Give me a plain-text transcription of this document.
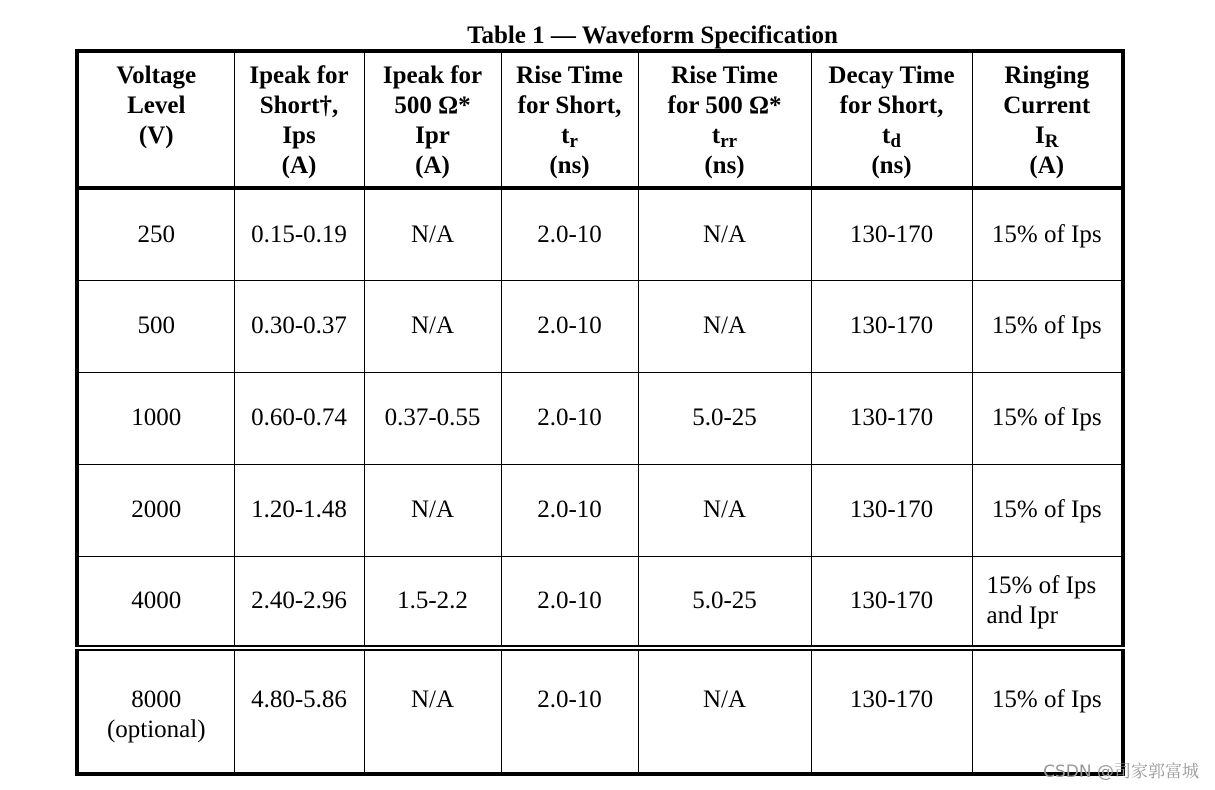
Table 1 — Waveform Specification
Voltage
Level
(V)	Ipeak for
Short†,
Ips
(A)	Ipeak for
500 Ω*
Ipr
(A)	Rise Time
for Short,
$t_r$
(ns)	Rise Time
for 500 Ω*
$t_{rr}$
(ns)	Decay Time
for Short,
$t_d$
(ns)	Ringing
Current
$I_R$
(A)

250	0.15-0.19	N/A	2.0-10	N/A	130-170	15% of Ips
500	0.30-0.37	N/A	2.0-10	N/A	130-170	15% of Ips
1000	0.60-0.74	0.37-0.55	2.0-10	5.0-25	130-170	15% of Ips
2000	1.20-1.48	N/A	2.0-10	N/A	130-170	15% of Ips
4000	2.40-2.96	1.5-2.2	2.0-10	5.0-25	130-170	15% of Ips
and Ipr

8000
(optional)	4.80-5.86	N/A	2.0-10	N/A	130-170	15% of Ips
CSDN @司家郭富城
